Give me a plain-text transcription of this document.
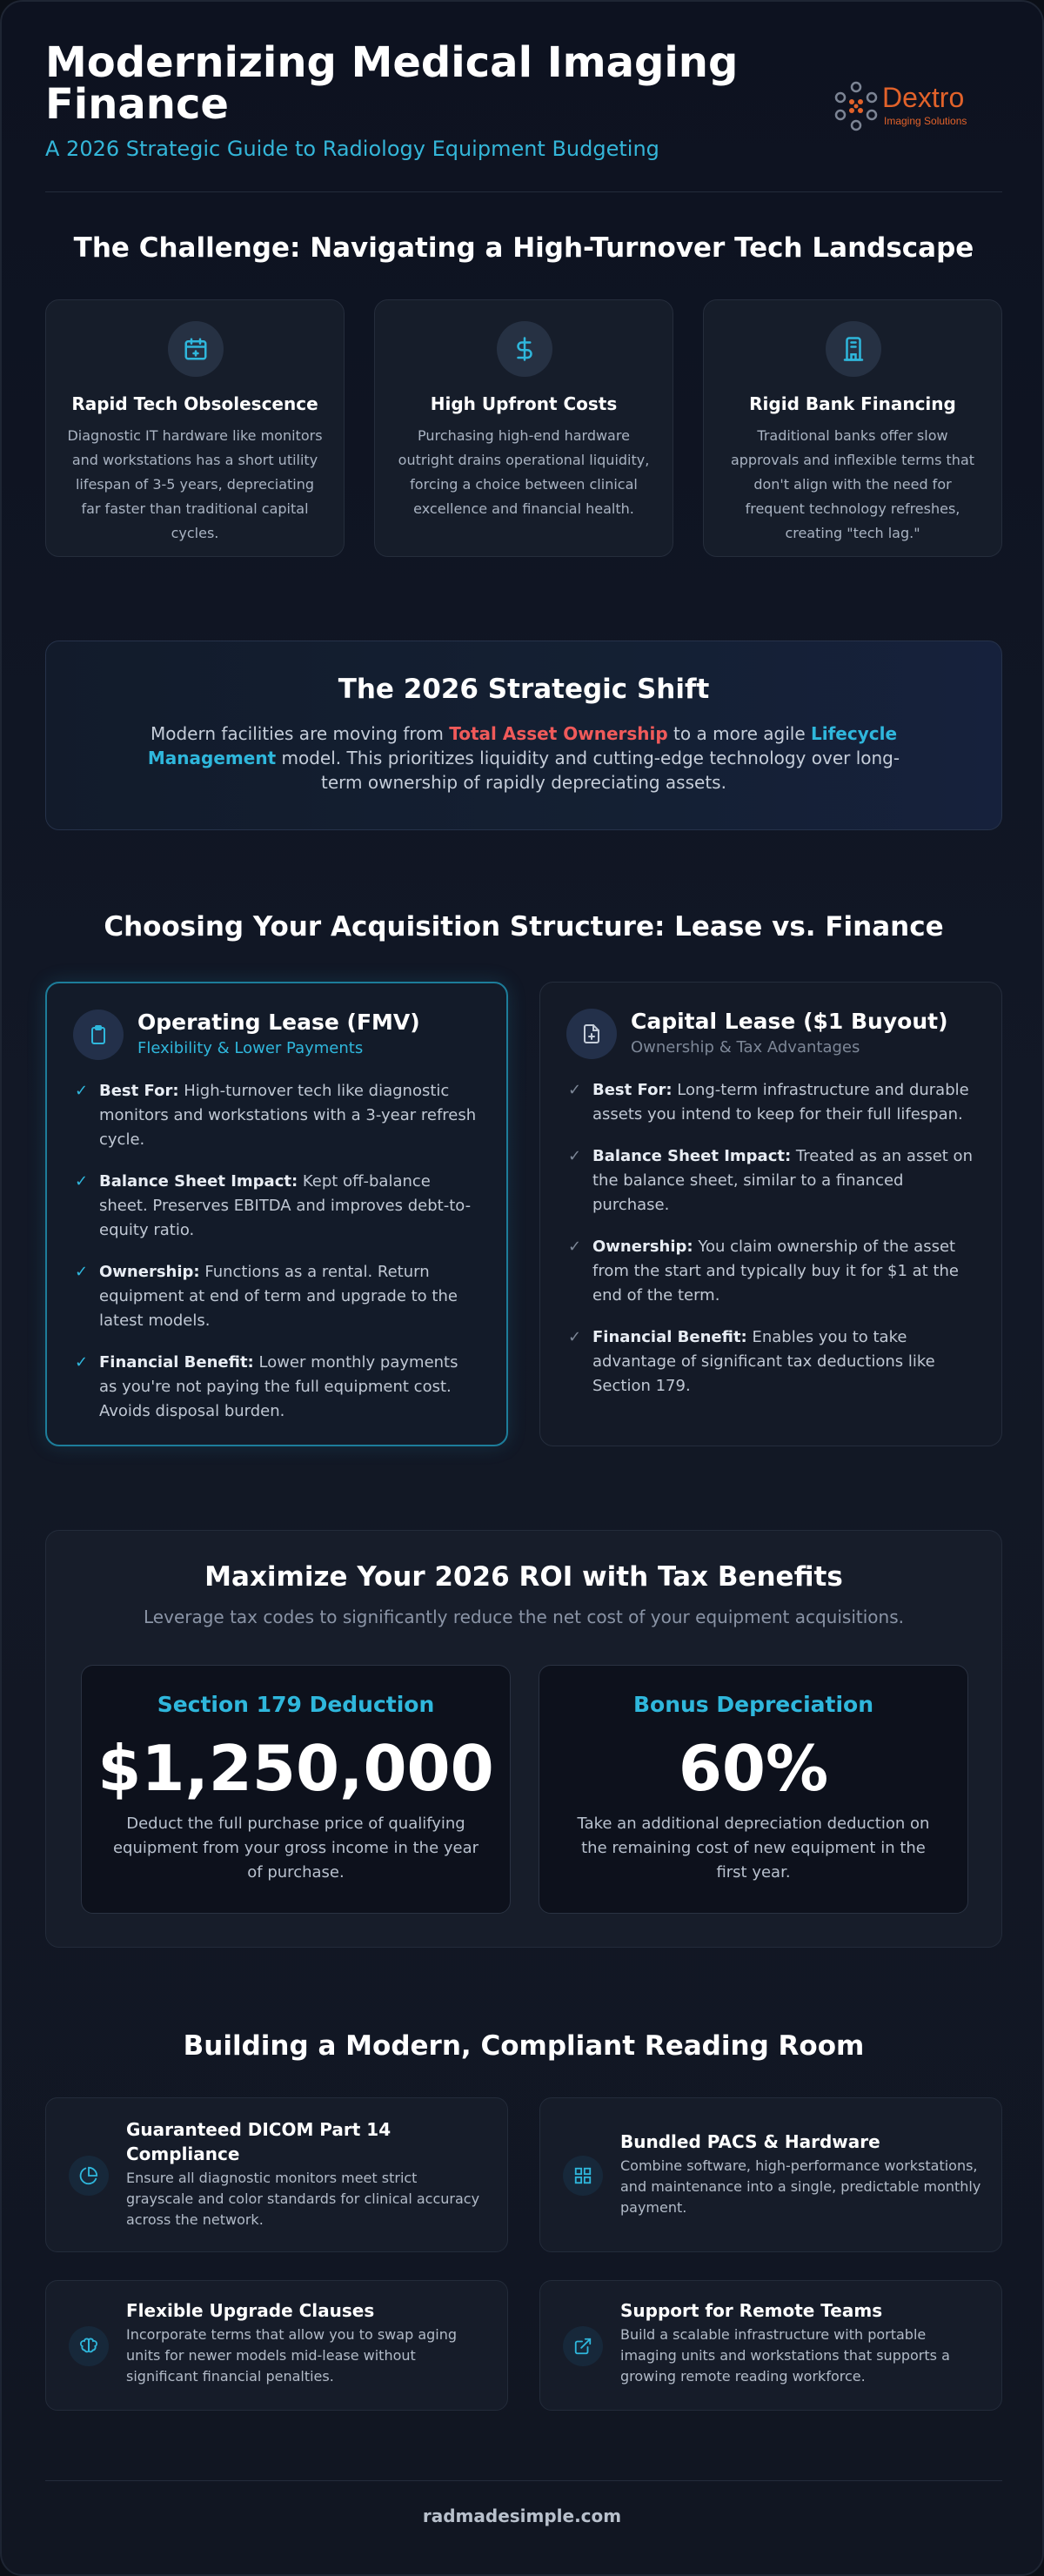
Modernizing Medical Imaging Finance
A 2026 Strategic Guide to Radiology Equipment Budgeting
Dextro
Imaging Solutions
The Challenge: Navigating a High-Turnover Tech Landscape
Rapid Tech Obsolescence
Diagnostic IT hardware like monitors and workstations has a short utility lifespan of 3-5 years, depreciating far faster than traditional capital cycles.
High Upfront Costs
Purchasing high-end hardware outright drains operational liquidity, forcing a choice between clinical excellence and financial health.
Rigid Bank Financing
Traditional banks offer slow approvals and inflexible terms that don't align with the need for frequent technology refreshes, creating "tech lag."
The 2026 Strategic Shift
Modern facilities are moving from Total Asset Ownership to a more agile Lifecycle Management model. This prioritizes liquidity and cutting-edge technology over long-term ownership of rapidly depreciating assets.
Choosing Your Acquisition Structure: Lease vs. Finance
Operating Lease (FMV)
Flexibility & Lower Payments
✓ Best For: High-turnover tech like diagnostic monitors and workstations with a 3-year refresh cycle.
✓ Balance Sheet Impact: Kept off-balance sheet. Preserves EBITDA and improves debt-to-equity ratio.
✓ Ownership: Functions as a rental. Return equipment at end of term and upgrade to the latest models.
✓ Financial Benefit: Lower monthly payments as you're not paying the full equipment cost. Avoids disposal burden.
Capital Lease ($1 Buyout)
Ownership & Tax Advantages
✓ Best For: Long-term infrastructure and durable assets you intend to keep for their full lifespan.
✓ Balance Sheet Impact: Treated as an asset on the balance sheet, similar to a financed purchase.
✓ Ownership: You claim ownership of the asset from the start and typically buy it for $1 at the end of the term.
✓ Financial Benefit: Enables you to take advantage of significant tax deductions like Section 179.
Maximize Your 2026 ROI with Tax Benefits
Leverage tax codes to significantly reduce the net cost of your equipment acquisitions.
Section 179 Deduction
$1,250,000
Deduct the full purchase price of qualifying equipment from your gross income in the year of purchase.
Bonus Depreciation
60%
Take an additional depreciation deduction on the remaining cost of new equipment in the first year.
Building a Modern, Compliant Reading Room
Guaranteed DICOM Part 14 Compliance
Ensure all diagnostic monitors meet strict grayscale and color standards for clinical accuracy across the network.
Bundled PACS & Hardware
Combine software, high-performance workstations, and maintenance into a single, predictable monthly payment.
Flexible Upgrade Clauses
Incorporate terms that allow you to swap aging units for newer models mid-lease without significant financial penalties.
Support for Remote Teams
Build a scalable infrastructure with portable imaging units and workstations that supports a growing remote reading workforce.
radmadesimple.com
